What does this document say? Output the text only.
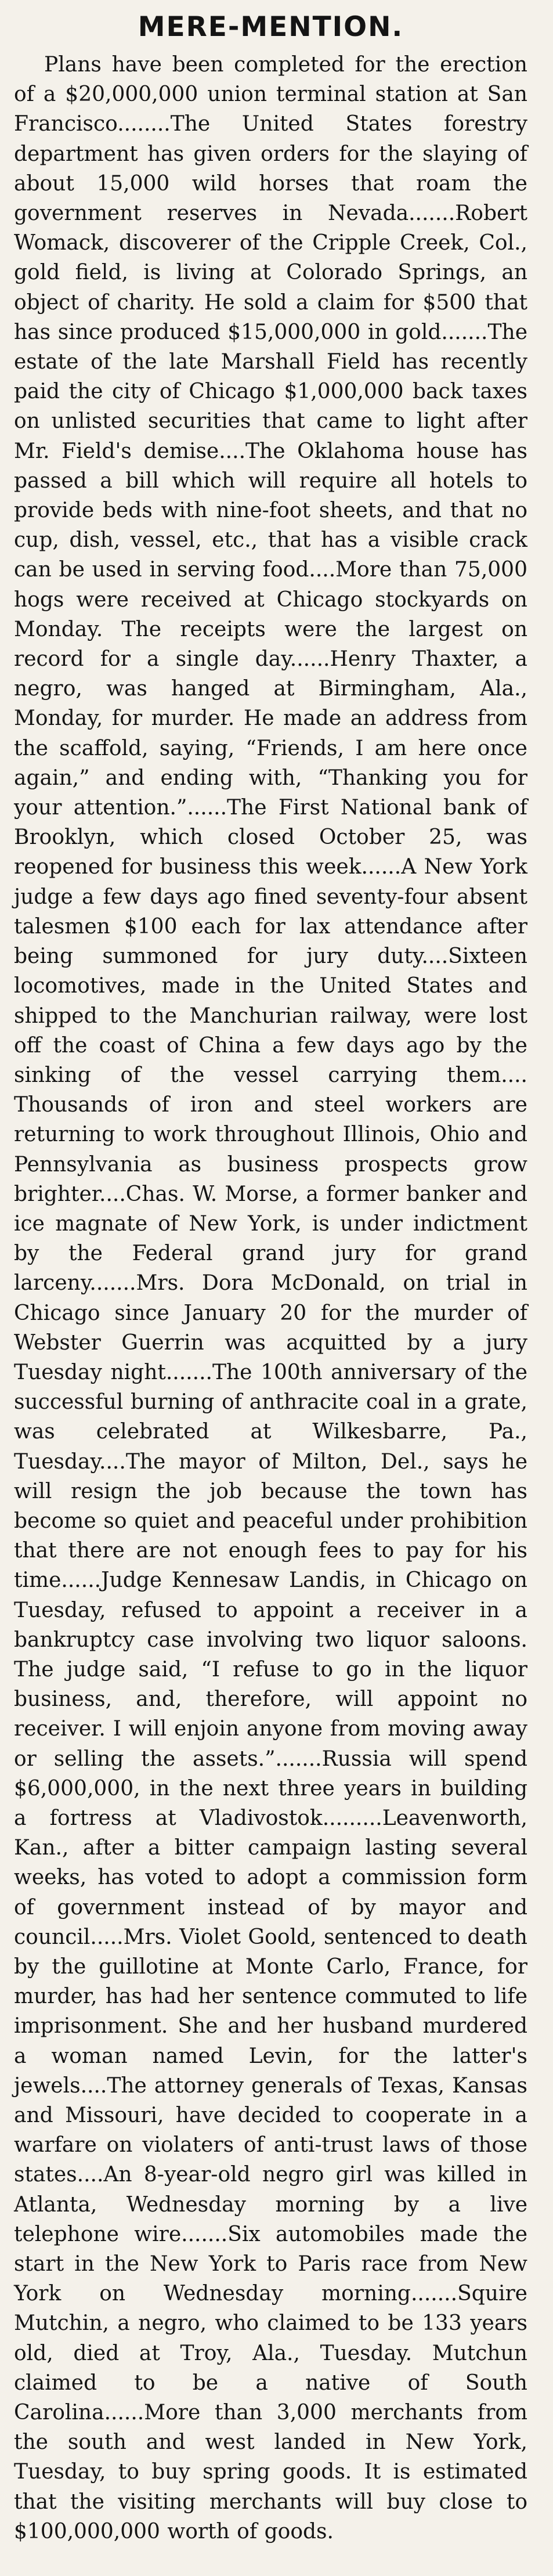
MERE-MENTION.

Plans have been completed for the erection of a $20,000,000 union terminal station at San Francisco........The United States forestry department has given orders for the slaying of about 15,000 wild horses that roam the government reserves in Nevada.......Robert Womack, discoverer of the Cripple Creek, Col., gold field, is living at Colorado Springs, an object of charity. He sold a claim for $500 that has since produced $15,000,000 in gold.......The estate of the late Marshall Field has recently paid the city of Chicago $1,000,000 back taxes on unlisted securities that came to light after Mr. Field's demise....The Oklahoma house has passed a bill which will require all hotels to provide beds with nine-foot sheets, and that no cup, dish, vessel, etc., that has a visible crack can be used in serving food....More than 75,000 hogs were received at Chicago stockyards on Monday. The receipts were the largest on record for a single day......Henry Thaxter, a negro, was hanged at Birmingham, Ala., Monday, for murder. He made an address from the scaffold, saying, “Friends, I am here once again,” and ending with, “Thanking you for your attention.”......The First National bank of Brooklyn, which closed October 25, was reopened for business this week......A New York judge a few days ago fined seventy-four absent talesmen $100 each for lax attendance after being summoned for jury duty....Sixteen locomotives, made in the United States and shipped to the Manchurian railway, were lost off the coast of China a few days ago by the sinking of the vessel carrying them.... Thousands of iron and steel workers are returning to work throughout Illinois, Ohio and Pennsylvania as business prospects grow brighter....Chas. W. Morse, a former banker and ice magnate of New York, is under indictment by the Federal grand jury for grand larceny.......Mrs. Dora McDonald, on trial in Chicago since January 20 for the murder of Webster Guerrin was acquitted by a jury Tuesday night.......The 100th anniversary of the successful burning of anthracite coal in a grate, was celebrated at Wilkesbarre, Pa., Tuesday....The mayor of Milton, Del., says he will resign the job because the town has become so quiet and peaceful under prohibition that there are not enough fees to pay for his time......Judge Kennesaw Landis, in Chicago on Tuesday, refused to appoint a receiver in a bankruptcy case involving two liquor saloons. The judge said, “I refuse to go in the liquor business, and, therefore, will appoint no receiver. I will enjoin anyone from moving away or selling the assets.”.......Russia will spend $6,000,000, in the next three years in building a fortress at Vladivostok.........Leavenworth, Kan., after a bitter campaign lasting several weeks, has voted to adopt a commission form of government instead of by mayor and council.....Mrs. Violet Goold, sentenced to death by the guillotine at Monte Carlo, France, for murder, has had her sentence commuted to life imprisonment. She and her husband murdered a woman named Levin, for the latter's jewels....The attorney generals of Texas, Kansas and Missouri, have decided to cooperate in a warfare on violaters of anti-trust laws of those states....An 8-year-old negro girl was killed in Atlanta, Wednesday morning by a live telephone wire.......Six automobiles made the start in the New York to Paris race from New York on Wednesday morning.......Squire Mutchin, a negro, who claimed to be 133 years old, died at Troy, Ala., Tuesday. Mutchun claimed to be a native of South Carolina......More than 3,000 merchants from the south and west landed in New York, Tuesday, to buy spring goods. It is estimated that the visiting merchants will buy close to $100,000,000 worth of goods.
